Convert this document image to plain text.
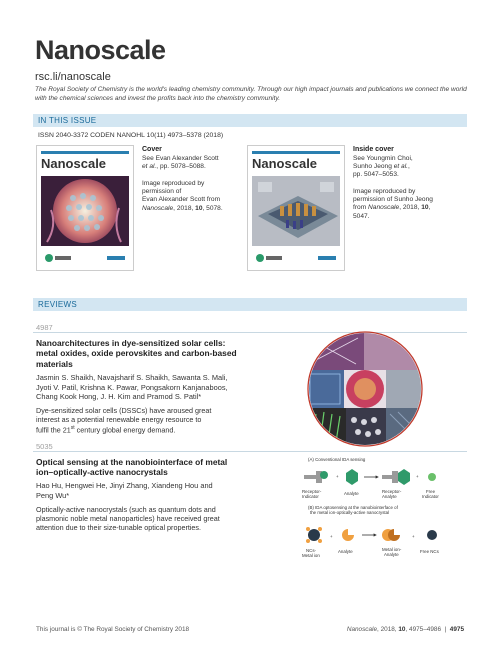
Nanoscale
rsc.li/nanoscale
The Royal Society of Chemistry is the world's leading chemistry community. Through our high impact journals and publications we connect the world with the chemical sciences and invest the profits back into the chemistry community.
IN THIS ISSUE
ISSN 2040-3372 CODEN NANOHL 10(11) 4973–5378 (2018)
Nanoscale
Cover
See Evan Alexander Scott
et al., pp. 5078–5088.
Image reproduced by
permission of
Evan Alexander Scott from
Nanoscale, 2018, 10, 5078.
Nanoscale
Inside cover
See Youngmin Choi,
Sunho Jeong et al.,
pp. 5047–5053.
Image reproduced by
permission of Sunho Jeong
from Nanoscale, 2018, 10,
5047.
REVIEWS
4987
Nanoarchitectures in dye-sensitized solar cells:
metal oxides, oxide perovskites and carbon-based
materials
Jasmin S. Shaikh, Navajsharif S. Shaikh, Sawanta S. Mali,
Jyoti V. Patil, Krishna K. Pawar, Pongsakorn Kanjanaboos,
Chang Kook Hong, J. H. Kim and Pramod S. Patil*
Dye-sensitized solar cells (DSSCs) have aroused great
interest as a potential renewable energy resource to
fulfil the 21st century global energy demand.
5035
Optical sensing at the nanobiointerface of metal
ion–optically-active nanocrystals
Hao Hu, Hengwei He, Jinyi Zhang, Xiandeng Hou and
Peng Wu*
Optically-active nanocrystals (such as quantum dots and
plasmonic noble metal nanoparticles) have received great
attention due to their size-tunable optical properties.
(A) Conventional IDA sensing
Receptor-
Indicator
+
Analyte	Receptor-
Analyte
+
Free
Indicator
(B) IDA optosensing at the nanobiointerface of
the metal ion-optically-active nanocrystal
NCs-
Metal ion
+
Analyte	Metal ion-
Analyte
+
Free NCs
This journal is © The Royal Society of Chemistry 2018	Nanoscale, 2018, 10, 4975–4986  |  4975
